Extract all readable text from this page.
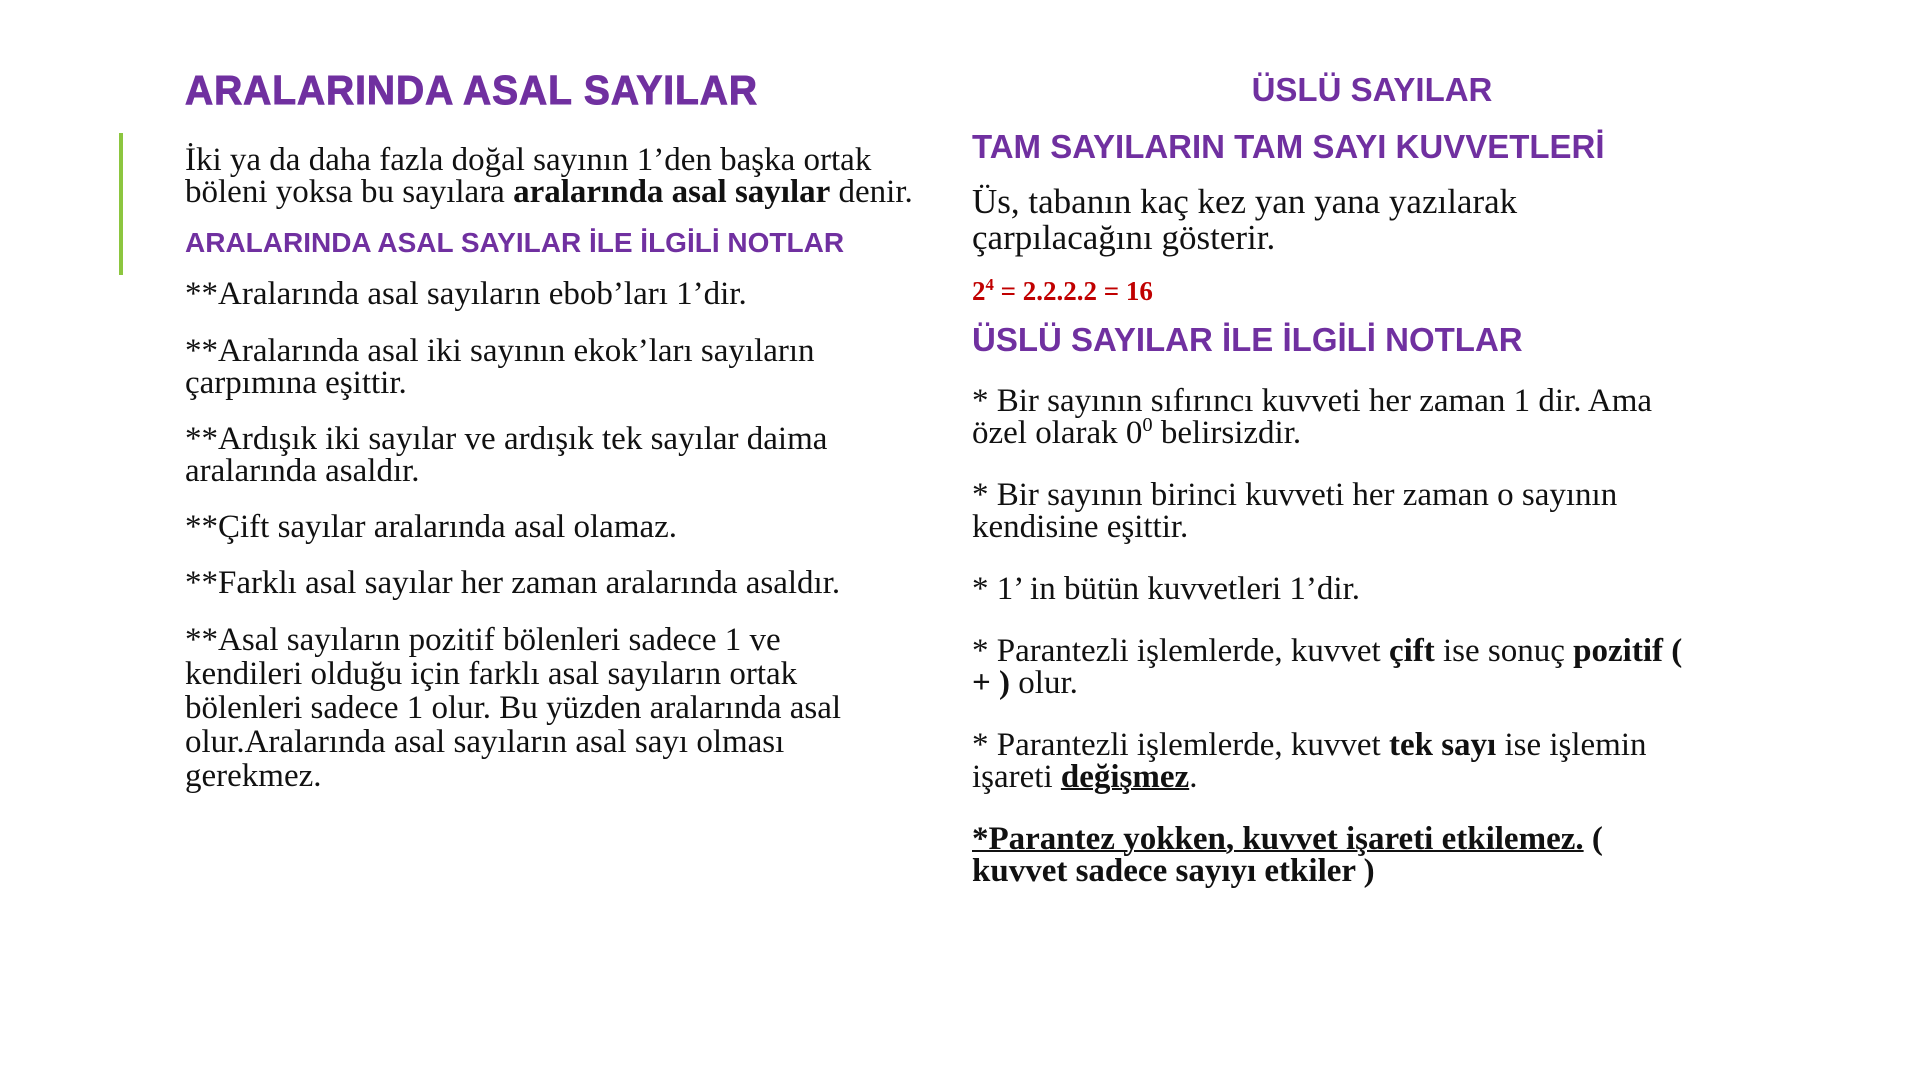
ARALARINDA ASAL SAYILAR

İki ya da daha fazla doğal sayının 1’den başka ortak böleni yoksa bu sayılara aralarında asal sayılar denir.

ARALARINDA ASAL SAYILAR İLE İLGİLİ NOTLAR

**Aralarında asal sayıların ebob’ları 1’dir.

**Aralarında asal iki sayının ekok’ları sayıların çarpımına eşittir.

**Ardışık iki sayılar ve ardışık tek sayılar daima aralarında asaldır.

**Çift sayılar aralarında asal olamaz.

**Farklı asal sayılar her zaman aralarında asaldır.

**Asal sayıların pozitif bölenleri sadece 1 ve kendileri olduğu için farklı asal sayıların ortak bölenleri sadece 1 olur. Bu yüzden aralarında asal olur.Aralarında asal sayıların asal sayı olması gerekmez.

ÜSLÜ SAYILAR
TAM SAYILARIN TAM SAYI KUVVETLERİ

Üs, tabanın kaç kez yan yana yazılarak çarpılacağını gösterir.

$2^4 = 2.2.2.2 = 16$

ÜSLÜ SAYILAR İLE İLGİLİ NOTLAR

* Bir sayının sıfırıncı kuvveti her zaman 1 dir. Ama özel olarak $0^0$ belirsizdir.

* Bir sayının birinci kuvveti her zaman o sayının kendisine eşittir.

* 1’ in bütün kuvvetleri 1’dir.

* Parantezli işlemlerde, kuvvet çift ise sonuç pozitif ( + ) olur.

* Parantezli işlemlerde, kuvvet tek sayı ise işlemin işareti değişmez.

*Parantez yokken, kuvvet işareti etkilemez. ( kuvvet sadece sayıyı etkiler )
